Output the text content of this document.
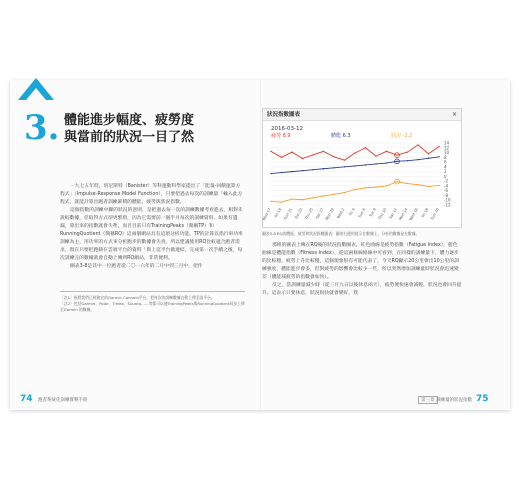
3. 體能進步幅度、疲勞度
與當前的狀況一目了然

一九七五年時，班尼斯特（Banister）等科運動科學家提出了「能量-回饋運算方程式」（Impulse-Response Model Function），只要把過去每次的訓練量「輸入此方程式，就能計算出跑者訓練累積的體能、疲勞與狀況指數。

這個指數的訓練中聯的狀況的意則，是把過去每一次的訓練數據考看進去，相對未說較數據，但取得方式卻更繁瑣，因為它需要前一個半月每次的訓練資料，如果有遺漏，算出來的指數就會失準，而目目前只有TrainingPeaks（簡稱TP）和RunningQuotient（簡稱RQ）這兩個網站具有這項分析功能。TP的計算以指行車功率訓練為主，用功率的方式來分析跑步的數據會失真，所以建議使用RQ比較適合跑者需求，現在只要把跑錶在雲端平台的資料「與上這平台做連結，完成第一次手續之後，每次訓練完的數據就會自動上傳到RQ網站，非常便利。

圖表3-8是其中一位跑者從二〇一六年的二月中到三月中，把作

〔註1〕指將我們已經跑完的Garmin Connect平台，把每次的訓練數據自動上傳至該平台。
〔註2〕包括Garmin、Polar、Timex、Suunto……等都可以連TrainingPeaks與RunningQuotient同步上傳至Garmin 的數據。
74 跑者系統化訓練實戰手冊	第三章 訓練量的狀況指數 75
狀況指數圖表	×
2016-03-12
疲勞 8.9	體能 6.3	狀況 -2.2
14
12
10
8
6
4
2
0
-2
-4
-6
-8
-10
-12
Wed 17 Fri 19 Sun 21 Tue 23 Thu 25 Sat 27 Mon 29 Wed 2 Fri 4 Sun 6 Tue 8 Thu 10 Sat 12 Mon 14 Wed 16 Fri 18 Sun 20
圖表3-8 RQ的體能、疲勞和狀況指數圖表；圖的右邊的提示在數據上、分析的數據是在數據。

那組的圖表上傳在RQ後的狀況指數圖表，紅色曲線是疲勞指數（Fatigue Index），藍色曲線是體能指數（Fitness Index），從這兩條線條線中可看到，在同樣的訓練量下，體力逐步的比較穩，疲勞上升比較慢，這個現象很有可能代表了，今天RQ顯示20公里會出10公里的訓練強度，體能進步會多，但對疲勞的影響會比較少一些，所以突然增加訓練量時狀況會迅速變差（體能減疲勞的指數會加快）。

反之，當訓練量減少時（從三月九日以後休息兩天），疲勞便快速會減輕，狀況也會回升提升。這表示只要休息，狀況很快就會變好，我
